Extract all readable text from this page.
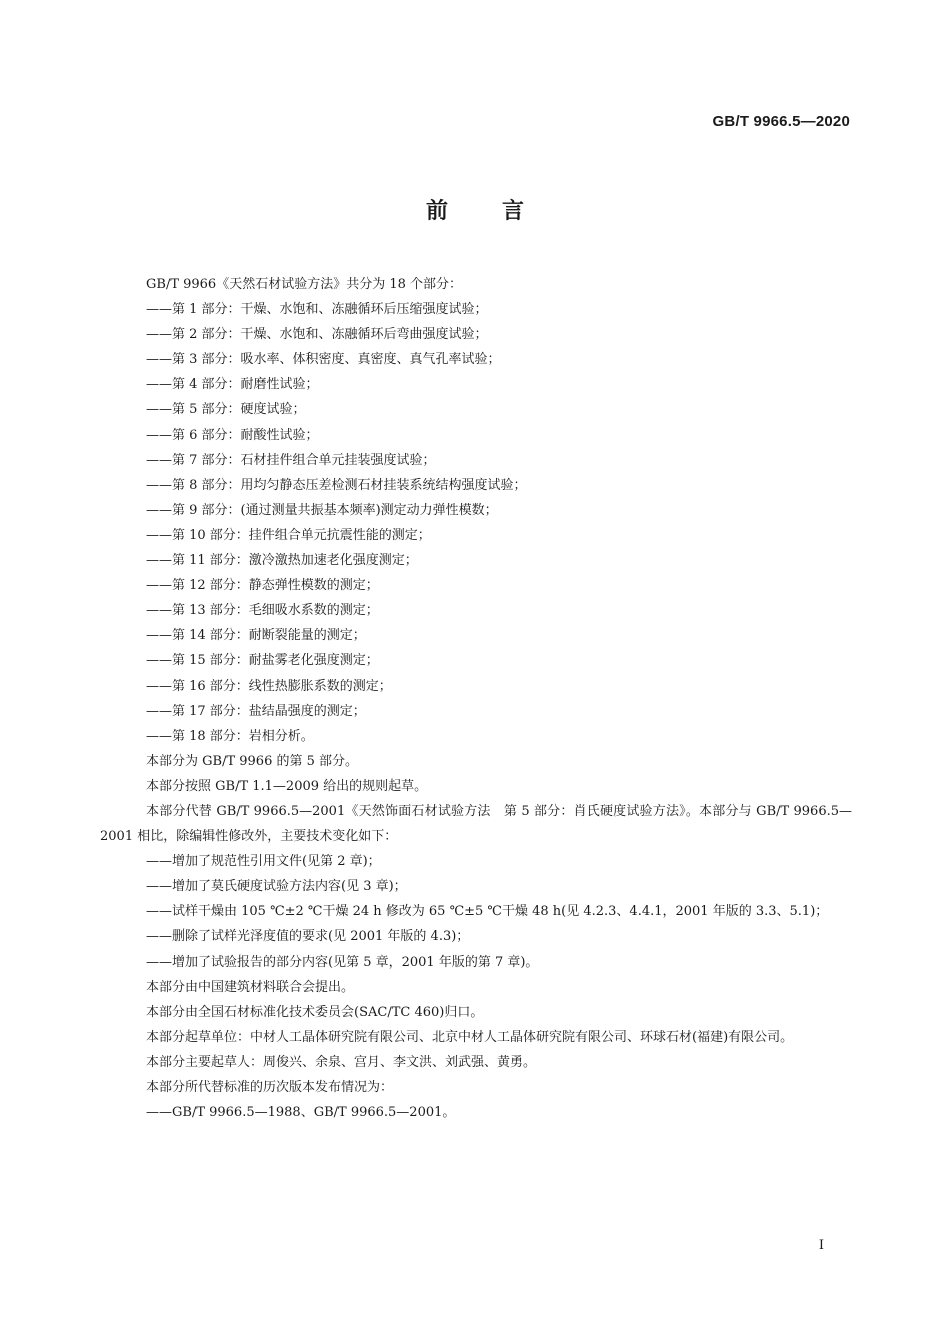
GB/T 9966.5—2020
前 言

GB/T 9966《天然石材试验方法》共分为 18 个部分：

——第 1 部分：干燥、水饱和、冻融循环后压缩强度试验；

——第 2 部分：干燥、水饱和、冻融循环后弯曲强度试验；

——第 3 部分：吸水率、体积密度、真密度、真气孔率试验；

——第 4 部分：耐磨性试验；

——第 5 部分：硬度试验；

——第 6 部分：耐酸性试验；

——第 7 部分：石材挂件组合单元挂装强度试验；

——第 8 部分：用均匀静态压差检测石材挂装系统结构强度试验；

——第 9 部分：(通过测量共振基本频率)测定动力弹性模数；

——第 10 部分：挂件组合单元抗震性能的测定；

——第 11 部分：激冷激热加速老化强度测定；

——第 12 部分：静态弹性模数的测定；

——第 13 部分：毛细吸水系数的测定；

——第 14 部分：耐断裂能量的测定；

——第 15 部分：耐盐雾老化强度测定；

——第 16 部分：线性热膨胀系数的测定；

——第 17 部分：盐结晶强度的测定；

——第 18 部分：岩相分析。

本部分为 GB/T 9966 的第 5 部分。

本部分按照 GB/T 1.1—2009 给出的规则起草。

本部分代替 GB/T 9966.5—2001《天然饰面石材试验方法　第 5 部分：肖氏硬度试验方法》。本部分与 GB/T 9966.5—2001 相比，除编辑性修改外，主要技术变化如下：

——增加了规范性引用文件(见第 2 章)；

——增加了莫氏硬度试验方法内容(见 3 章)；

——试样干燥由 105 ℃±2 ℃干燥 24 h 修改为 65 ℃±5 ℃干燥 48 h(见 4.2.3、4.4.1，2001 年版的 3.3、5.1)；

——删除了试样光泽度值的要求(见 2001 年版的 4.3)；

——增加了试验报告的部分内容(见第 5 章，2001 年版的第 7 章)。

本部分由中国建筑材料联合会提出。

本部分由全国石材标准化技术委员会(SAC/TC 460)归口。

本部分起草单位：中材人工晶体研究院有限公司、北京中材人工晶体研究院有限公司、环球石材(福建)有限公司。

本部分主要起草人：周俊兴、余泉、宫月、李文洪、刘武强、黄勇。

本部分所代替标准的历次版本发布情况为：

——GB/T 9966.5—1988、GB/T 9966.5—2001。

I
